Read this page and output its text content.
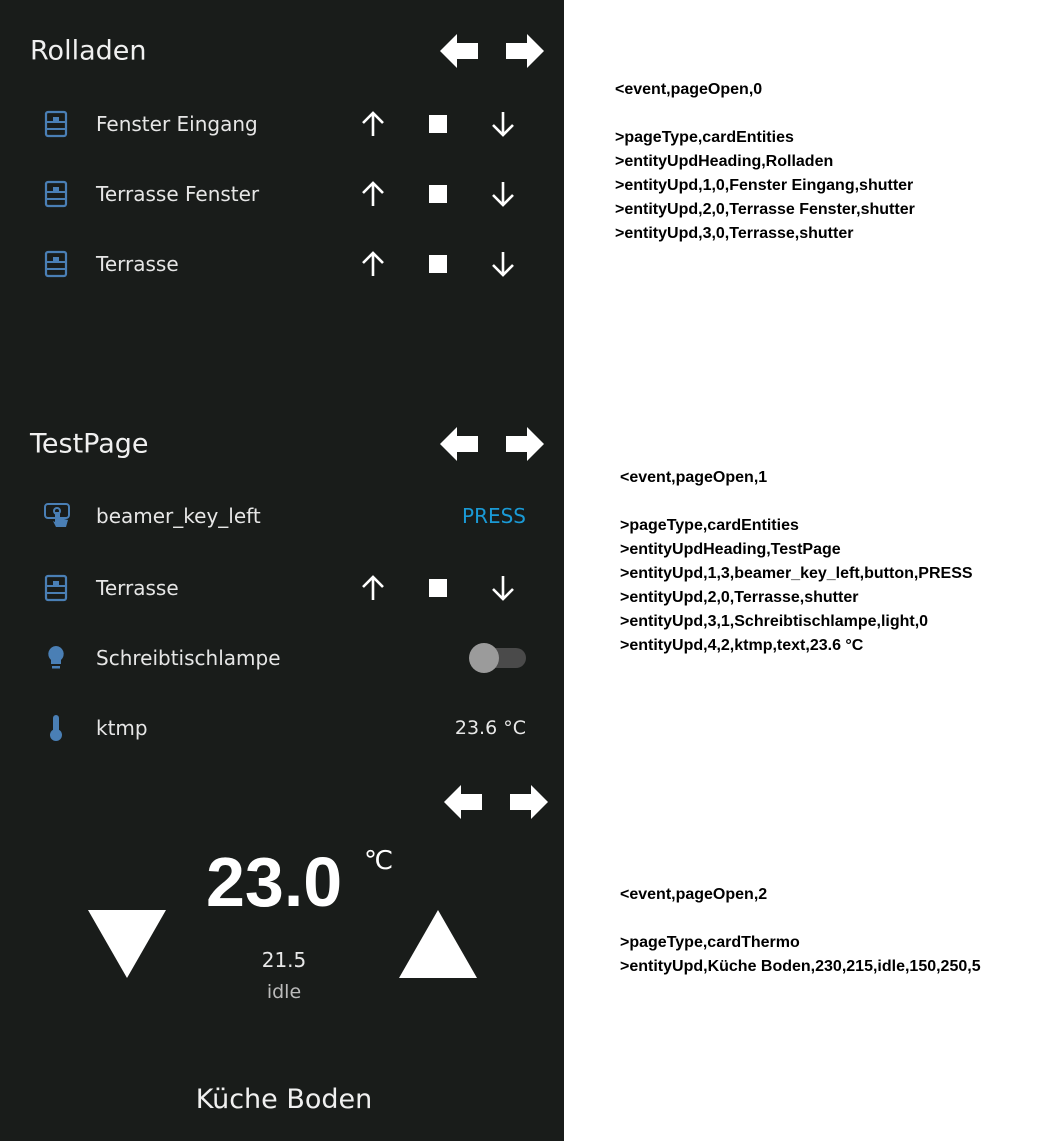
Rolladen
Fenster Eingang
Terrasse Fenster
Terrasse
TestPage
beamer_key_left	PRESS
Terrasse
Schreibtischlampe
ktmp	23.6 °C
23.0 ℃
21.5
idle
Küche Boden
<event,pageOpen,0
>pageType,cardEntities
>entityUpdHeading,Rolladen
>entityUpd,1,0,Fenster Eingang,shutter
>entityUpd,2,0,Terrasse Fenster,shutter
>entityUpd,3,0,Terrasse,shutter
<event,pageOpen,1
>pageType,cardEntities
>entityUpdHeading,TestPage
>entityUpd,1,3,beamer_key_left,button,PRESS
>entityUpd,2,0,Terrasse,shutter
>entityUpd,3,1,Schreibtischlampe,light,0
>entityUpd,4,2,ktmp,text,23.6 °C
<event,pageOpen,2
>pageType,cardThermo
>entityUpd,Küche Boden,230,215,idle,150,250,5
